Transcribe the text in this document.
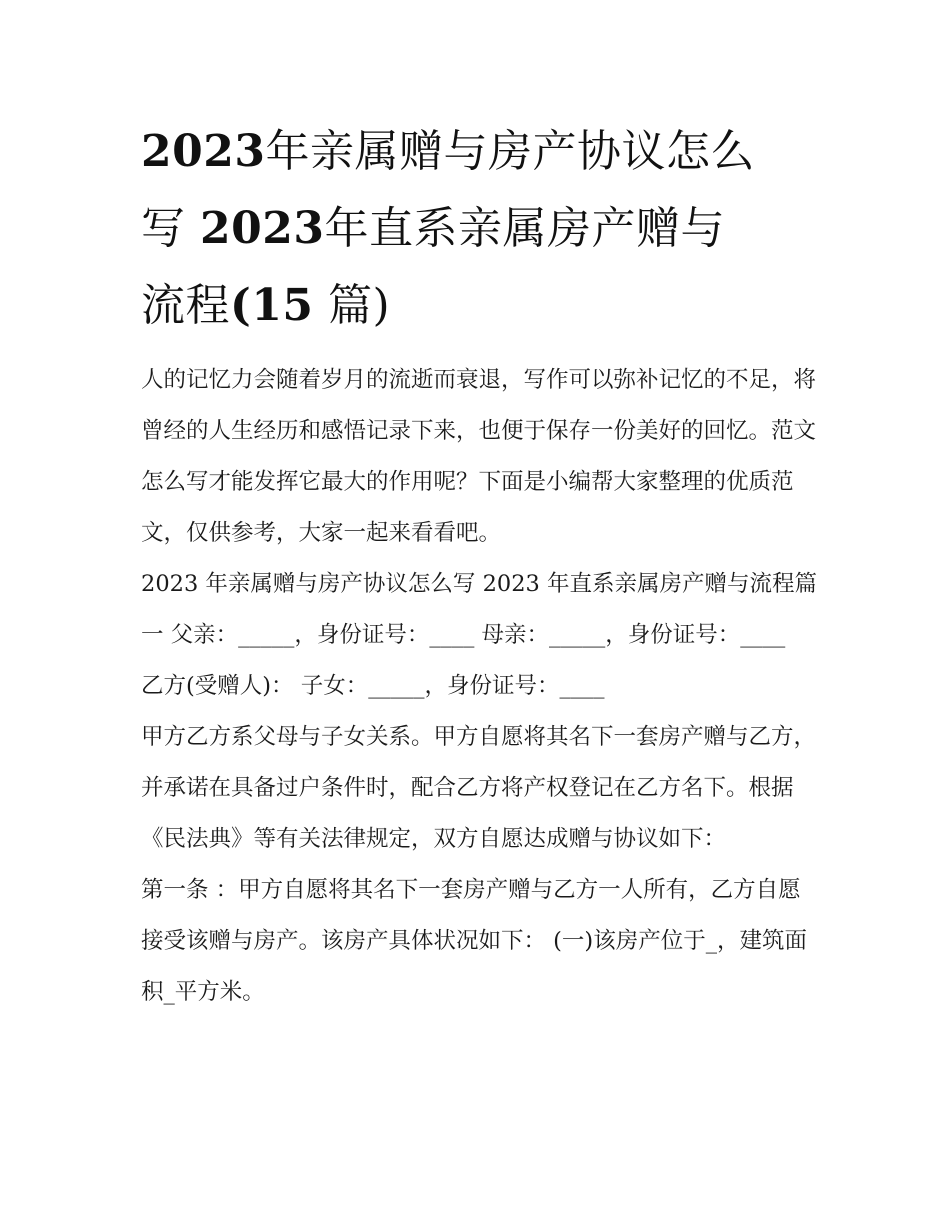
2023年亲属赠与房产协议怎么
写 2023年直系亲属房产赠与
流程(15 篇)

人的记忆力会随着岁月的流逝而衰退，写作可以弥补记忆的不足，将曾经的人生经历和感悟记录下来，也便于保存一份美好的回忆。范文怎么写才能发挥它最大的作用呢？下面是小编帮大家整理的优质范文，仅供参考，大家一起来看看吧。

2023 年亲属赠与房产协议怎么写 2023 年直系亲属房产赠与流程篇一 父亲：_____，身份证号：____ 母亲：_____，身份证号：____

乙方(受赠人)： 子女：_____，身份证号：____

甲方乙方系父母与子女关系。甲方自愿将其名下一套房产赠与乙方，并承诺在具备过户条件时，配合乙方将产权登记在乙方名下。根据《民法典》等有关法律规定，双方自愿达成赠与协议如下：

第一条 ：甲方自愿将其名下一套房产赠与乙方一人所有，乙方自愿接受该赠与房产。该房产具体状况如下： (一)该房产位于_，建筑面积_平方米。
